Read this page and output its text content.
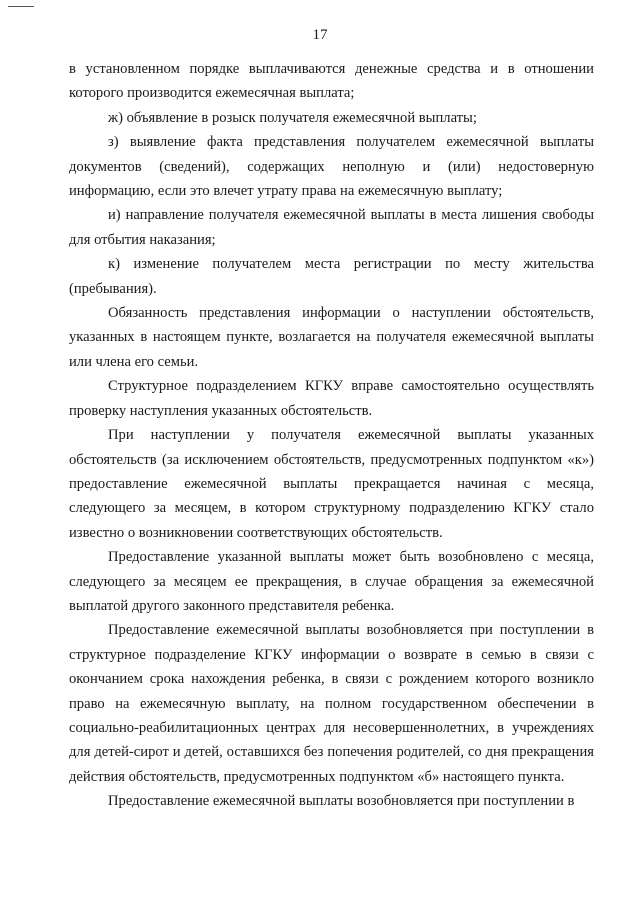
17

в установленном порядке выплачиваются денежные средства и в отношении которого производится ежемесячная выплата;

ж) объявление в розыск получателя ежемесячной выплаты;

з) выявление факта представления получателем ежемесячной выплаты документов (сведений), содержащих неполную и (или) недостоверную информацию, если это влечет утрату права на ежемесячную выплату;

и) направление получателя ежемесячной выплаты в места лишения свободы для отбытия наказания;

к) изменение получателем места регистрации по месту жительства (пребывания).

Обязанность представления информации о наступлении обстоятельств, указанных в настоящем пункте, возлагается на получателя ежемесячной выплаты или члена его семьи.

Структурное подразделением КГКУ вправе самостоятельно осуществлять проверку наступления указанных обстоятельств.

При наступлении у получателя ежемесячной выплаты указанных обстоятельств (за исключением обстоятельств, предусмотренных подпунктом «к») предоставление ежемесячной выплаты прекращается начиная с месяца, следующего за месяцем, в котором структурному подразделению КГКУ стало известно о возникновении соответствующих обстоятельств.

Предоставление указанной выплаты может быть возобновлено с месяца, следующего за месяцем ее прекращения, в случае обращения за ежемесячной выплатой другого законного представителя ребенка.

Предоставление ежемесячной выплаты возобновляется при поступлении в структурное подразделение КГКУ информации о возврате в семью в связи с окончанием срока нахождения ребенка, в связи с рождением которого возникло право на ежемесячную выплату, на полном государственном обеспечении в социально-реабилитационных центрах для несовершеннолетних, в учреждениях для детей-сирот и детей, оставшихся без попечения родителей, со дня прекращения действия обстоятельств, предусмотренных подпунктом «б» настоящего пункта.

Предоставление ежемесячной выплаты возобновляется при поступлении в
